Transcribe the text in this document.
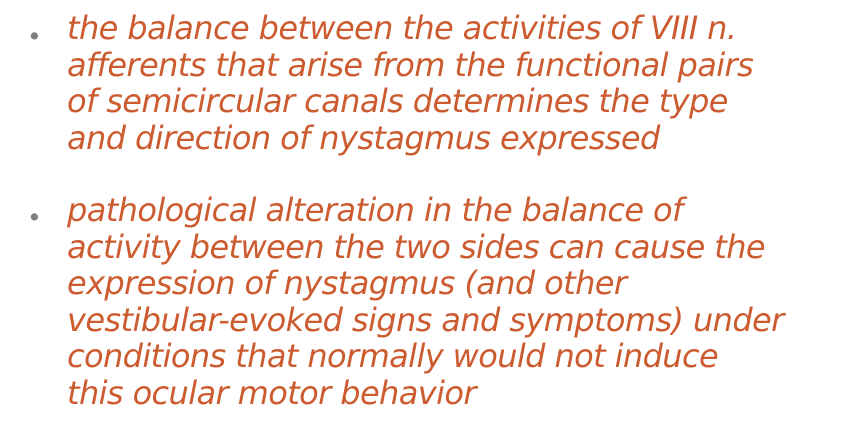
• the balance between the activities of VIII n.
afferents that arise from the functional pairs
of semicircular canals determines the type
and direction of nystagmus expressed
• pathological alteration in the balance of
activity between the two sides can cause the
expression of nystagmus (and other
vestibular-evoked signs and symptoms) under
conditions that normally would not induce
this ocular motor behavior
